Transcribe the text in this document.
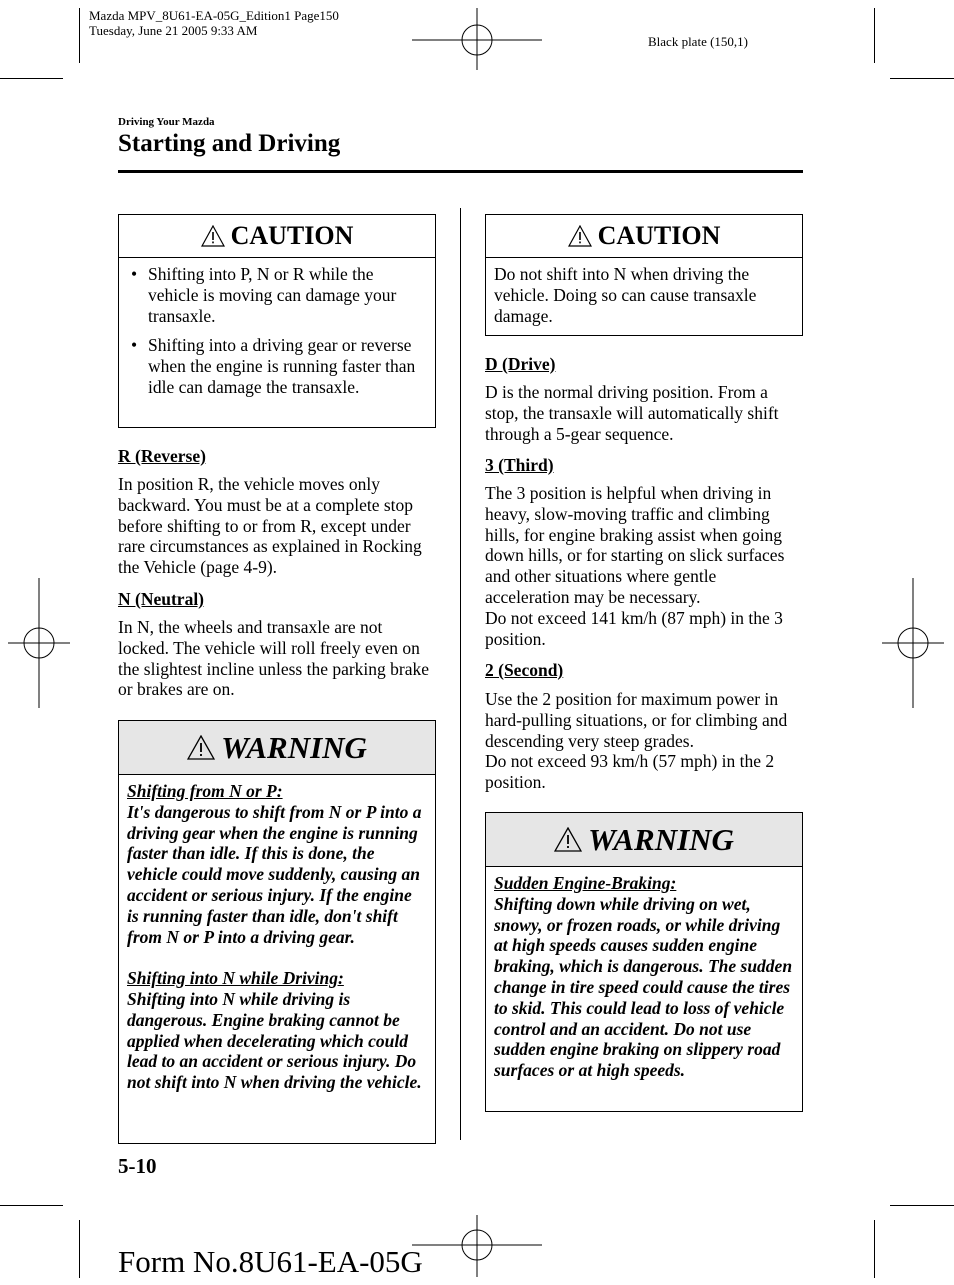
Mazda MPV_8U61-EA-05G_Edition1 Page150
Tuesday, June 21 2005 9:33 AM
Black plate (150,1)
Driving Your Mazda
Starting and Driving
CAUTION
• Shifting into P, N or R while the vehicle is moving can damage your transaxle.
• Shifting into a driving gear or reverse when the engine is running faster than idle can damage the transaxle.
R (Reverse)
In position R, the vehicle moves only backward. You must be at a complete stop before shifting to or from R, except under rare circumstances as explained in Rocking the Vehicle (page 4-9).
N (Neutral)
In N, the wheels and transaxle are not locked. The vehicle will roll freely even on the slightest incline unless the parking brake or brakes are on.
WARNING
Shifting from N or P:
It's dangerous to shift from N or P into a driving gear when the engine is running faster than idle. If this is done, the vehicle could move suddenly, causing an accident or serious injury. If the engine is running faster than idle, don't shift from N or P into a driving gear.
Shifting into N while Driving:
Shifting into N while driving is dangerous. Engine braking cannot be applied when decelerating which could lead to an accident or serious injury. Do not shift into N when driving the vehicle.
CAUTION
Do not shift into N when driving the vehicle. Doing so can cause transaxle damage.
D (Drive)
D is the normal driving position. From a stop, the transaxle will automatically shift through a 5-gear sequence.
3 (Third)
The 3 position is helpful when driving in heavy, slow-moving traffic and climbing hills, for engine braking assist when going down hills, or for starting on slick surfaces and other situations where gentle acceleration may be necessary.
Do not exceed 141 km/h (87 mph) in the 3 position.
2 (Second)
Use the 2 position for maximum power in hard-pulling situations, or for climbing and descending very steep grades.
Do not exceed 93 km/h (57 mph) in the 2 position.
WARNING
Sudden Engine-Braking:
Shifting down while driving on wet, snowy, or frozen roads, or while driving at high speeds causes sudden engine braking, which is dangerous. The sudden change in tire speed could cause the tires to skid. This could lead to loss of vehicle control and an accident. Do not use sudden engine braking on slippery road surfaces or at high speeds.
5-10
Form No.8U61-EA-05G
